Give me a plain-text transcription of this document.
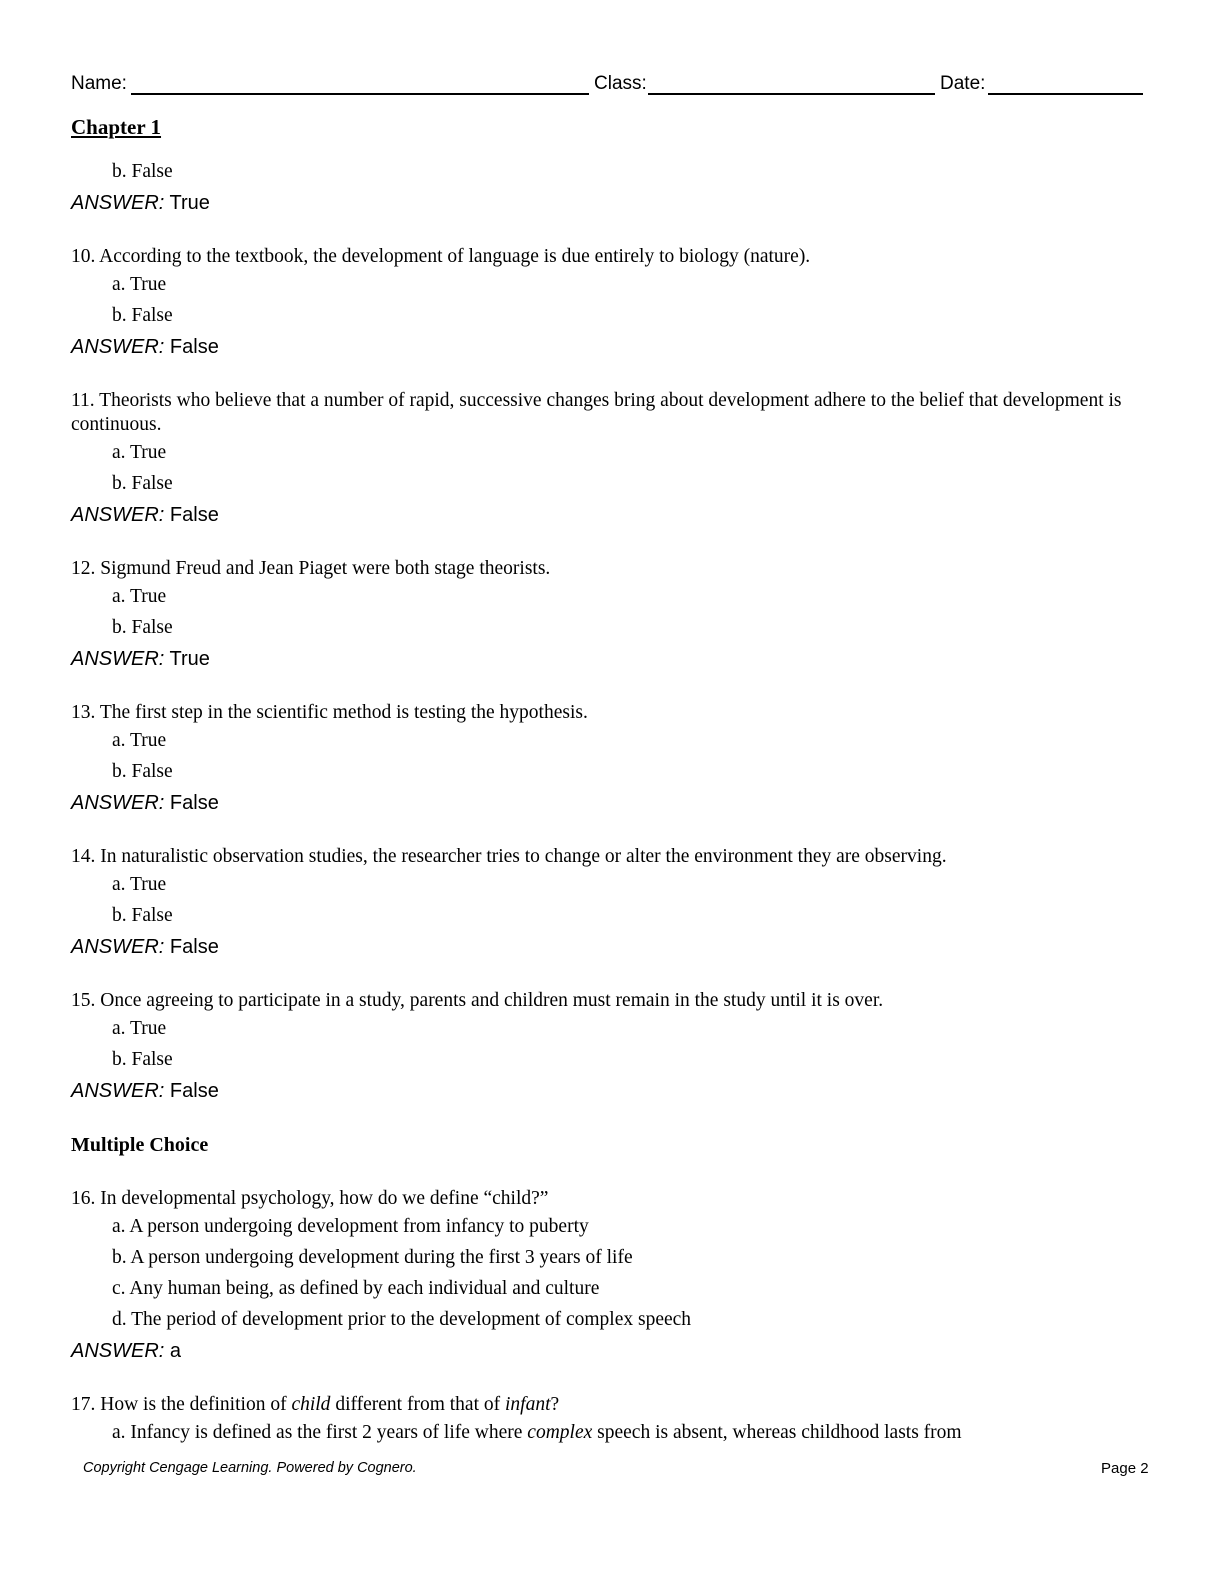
Name:	Class:	Date:
Chapter 1
b. False
ANSWER: True
10. According to the textbook, the development of language is due entirely to biology (nature).
a. True
b. False
ANSWER: False
11. Theorists who believe that a number of rapid, successive changes bring about development adhere to the belief that development is continuous.
a. True
b. False
ANSWER: False
12. Sigmund Freud and Jean Piaget were both stage theorists.
a. True
b. False
ANSWER: True
13. The first step in the scientific method is testing the hypothesis.
a. True
b. False
ANSWER: False
14. In naturalistic observation studies, the researcher tries to change or alter the environment they are observing.
a. True
b. False
ANSWER: False
15. Once agreeing to participate in a study, parents and children must remain in the study until it is over.
a. True
b. False
ANSWER: False
Multiple Choice
16. In developmental psychology, how do we define “child?”
a. A person undergoing development from infancy to puberty
b. A person undergoing development during the first 3 years of life
c. Any human being, as defined by each individual and culture
d. The period of development prior to the development of complex speech
ANSWER: a
17. How is the definition of child different from that of infant?
a. Infancy is defined as the first 2 years of life where complex speech is absent, whereas childhood lasts from
Copyright Cengage Learning. Powered by Cognero.	Page 2
